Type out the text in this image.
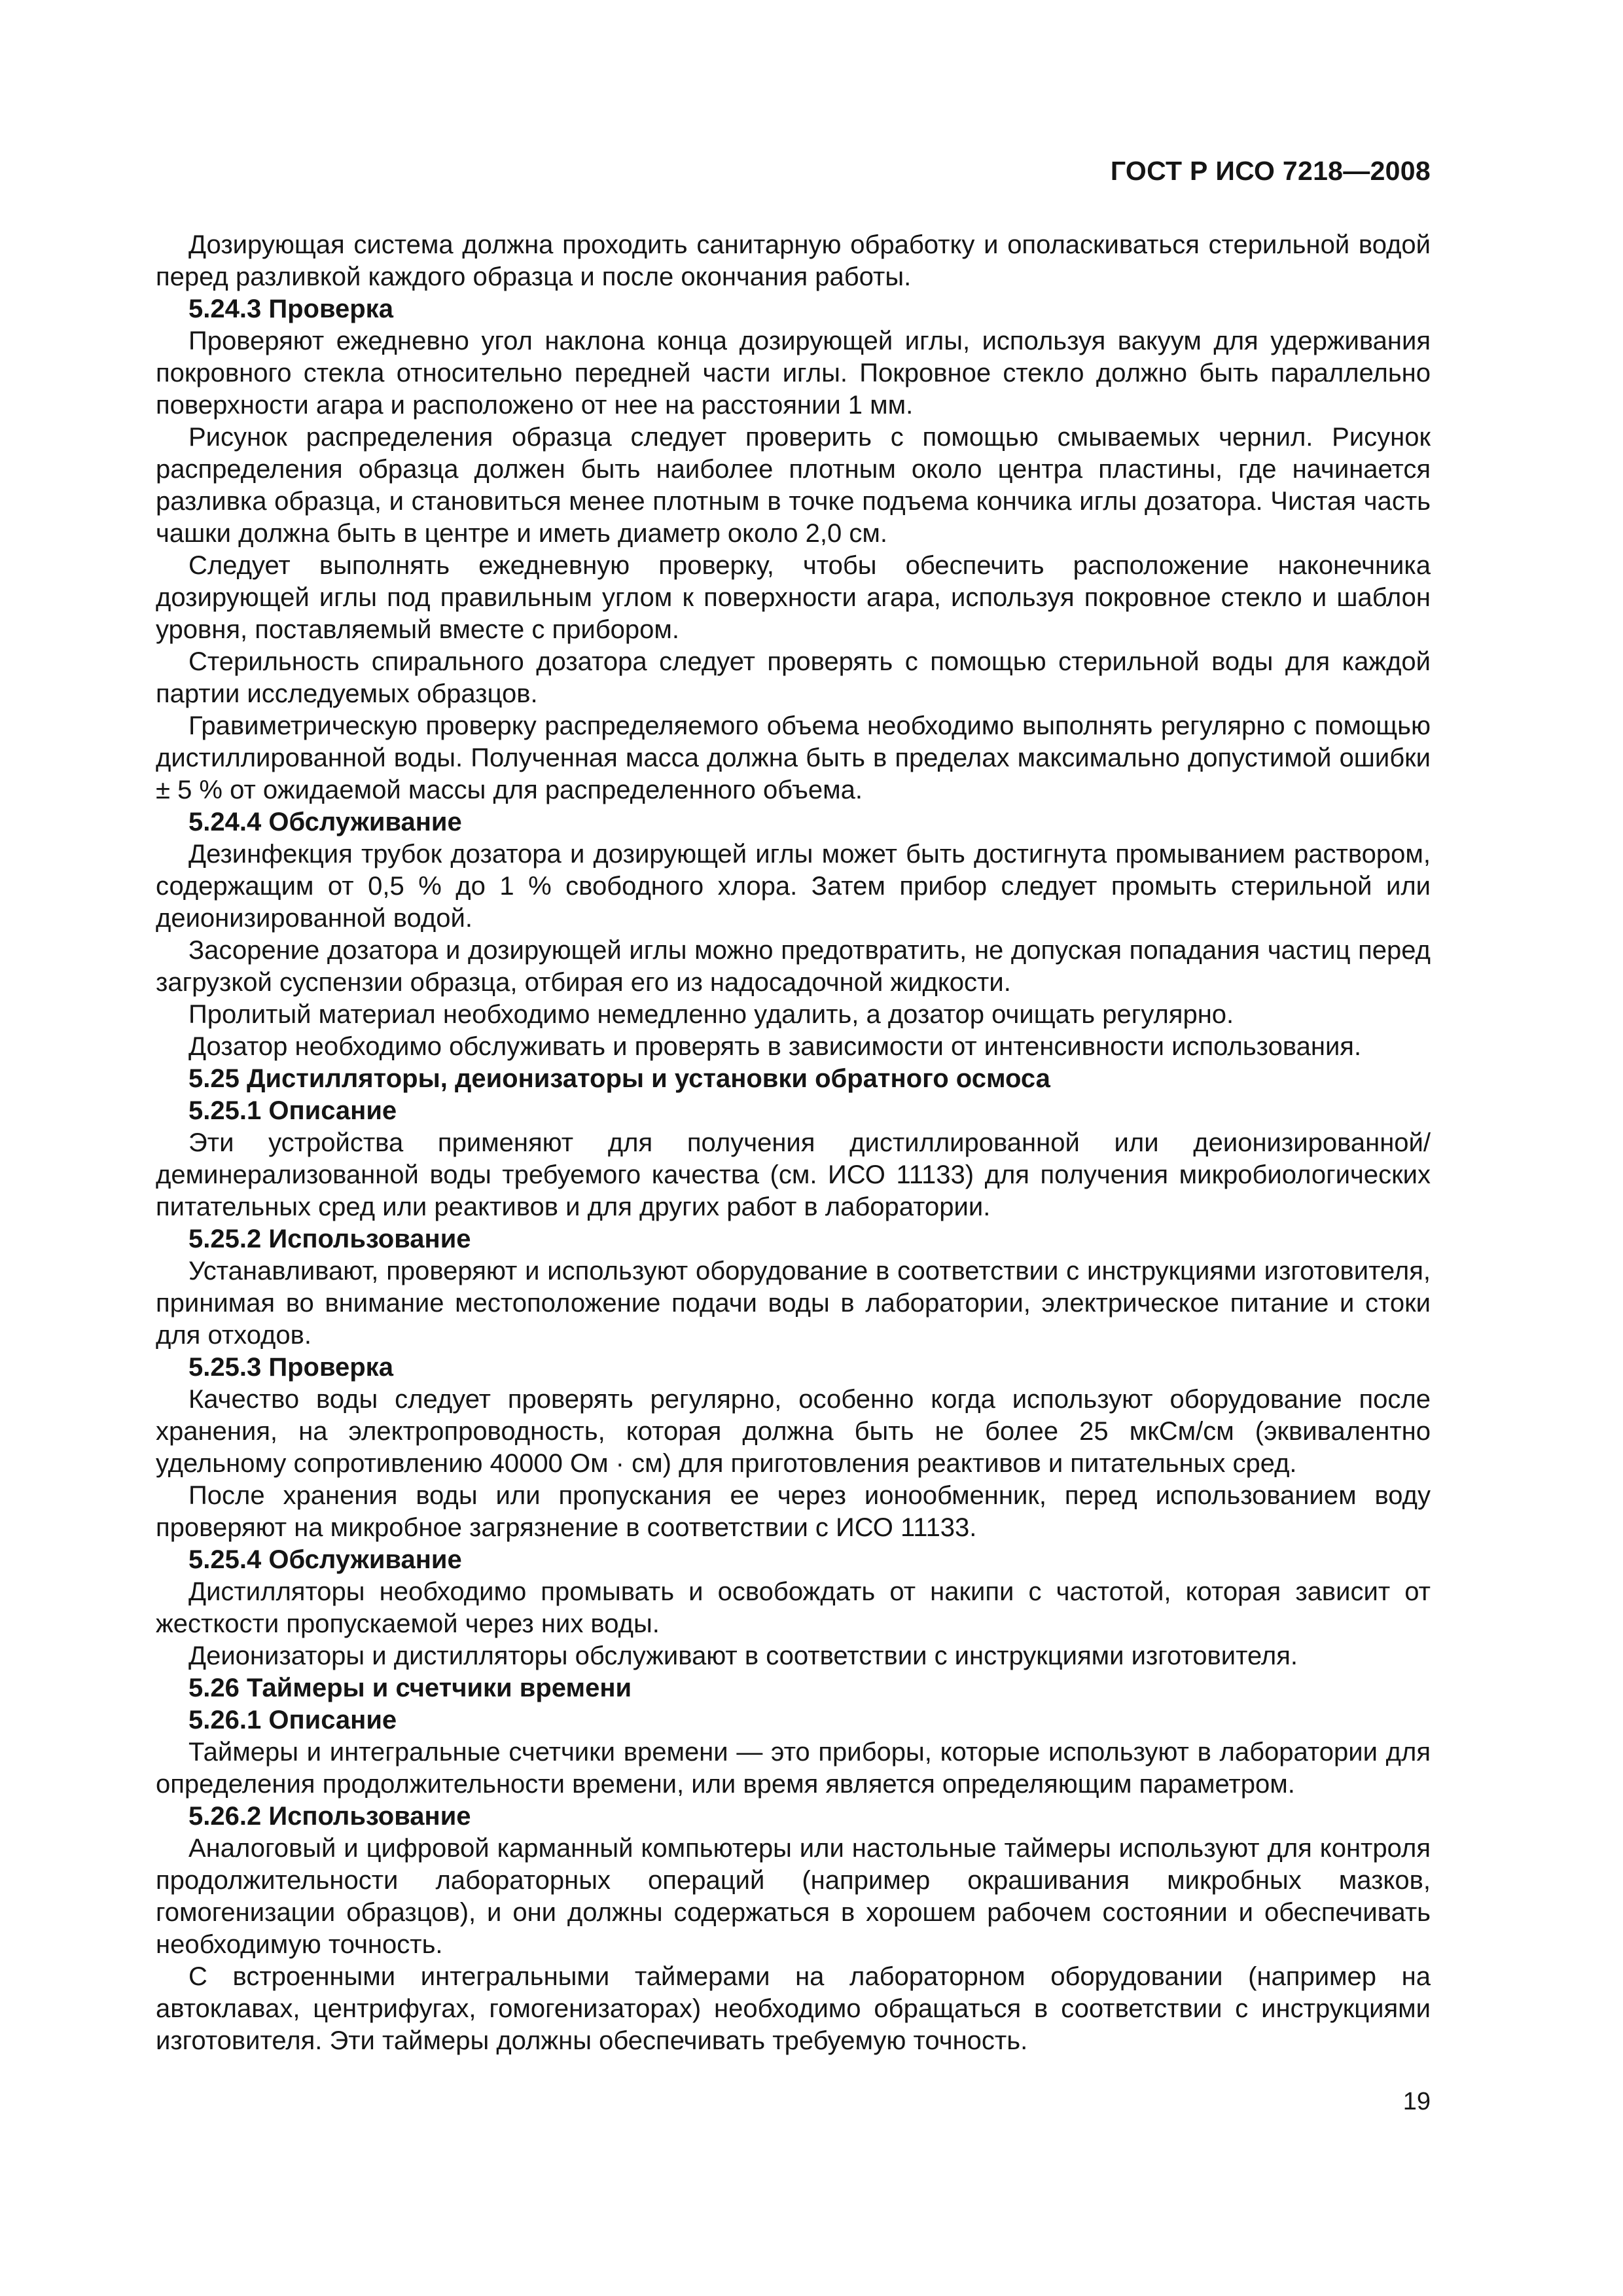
ГОСТ Р ИСО 7218—2008
Дозирующая система должна проходить санитарную обработку и ополаскиваться стерильной водой перед разливкой каждого образца и после окончания работы.
5.24.3 Проверка
Проверяют ежедневно угол наклона конца дозирующей иглы, используя вакуум для удерживания покровного стекла относительно передней части иглы. Покровное стекло должно быть параллельно поверхности агара и расположено от нее на расстоянии 1 мм.
Рисунок распределения образца следует проверить с помощью смываемых чернил. Рисунок распределения образца должен быть наиболее плотным около центра пластины, где начинается разливка образца, и становиться менее плотным в точке подъема кончика иглы дозатора. Чистая часть чашки должна быть в центре и иметь диаметр около 2,0 см.
Следует выполнять ежедневную проверку, чтобы обеспечить расположение наконечника дозирующей иглы под правильным углом к поверхности агара, используя покровное стекло и шаблон уровня, поставляемый вместе с прибором.
Стерильность спирального дозатора следует проверять с помощью стерильной воды для каждой партии исследуемых образцов.
Гравиметрическую проверку распределяемого объема необходимо выполнять регулярно с помощью дистиллированной воды. Полученная масса должна быть в пределах максимально допустимой ошибки ± 5 % от ожидаемой массы для распределенного объема.
5.24.4 Обслуживание
Дезинфекция трубок дозатора и дозирующей иглы может быть достигнута промыванием раствором, содержащим от 0,5 % до 1 % свободного хлора. Затем прибор следует промыть стерильной или деионизированной водой.
Засорение дозатора и дозирующей иглы можно предотвратить, не допуская попадания частиц перед загрузкой суспензии образца, отбирая его из надосадочной жидкости.
Пролитый материал необходимо немедленно удалить, а дозатор очищать регулярно.
Дозатор необходимо обслуживать и проверять в зависимости от интенсивности использования.
5.25 Дистилляторы, деионизаторы и установки обратного осмоса
5.25.1 Описание
Эти устройства применяют для получения дистиллированной или деионизированной/деминерализованной воды требуемого качества (см. ИСО 11133) для получения микробиологических питательных сред или реактивов и для других работ в лаборатории.
5.25.2 Использование
Устанавливают, проверяют и используют оборудование в соответствии с инструкциями изготовителя, принимая во внимание местоположение подачи воды в лаборатории, электрическое питание и стоки для отходов.
5.25.3 Проверка
Качество воды следует проверять регулярно, особенно когда используют оборудование после хранения, на электропроводность, которая должна быть не более 25 мкСм/см (эквивалентно удельному сопротивлению 40000 Ом · см) для приготовления реактивов и питательных сред.
После хранения воды или пропускания ее через ионообменник, перед использованием воду проверяют на микробное загрязнение в соответствии с ИСО 11133.
5.25.4 Обслуживание
Дистилляторы необходимо промывать и освобождать от накипи с частотой, которая зависит от жесткости пропускаемой через них воды.
Деионизаторы и дистилляторы обслуживают в соответствии с инструкциями изготовителя.
5.26 Таймеры и счетчики времени
5.26.1 Описание
Таймеры и интегральные счетчики времени — это приборы, которые используют в лаборатории для определения продолжительности времени, или время является определяющим параметром.
5.26.2 Использование
Аналоговый и цифровой карманный компьютеры или настольные таймеры используют для контроля продолжительности лабораторных операций (например окрашивания микробных мазков, гомогенизации образцов), и они должны содержаться в хорошем рабочем состоянии и обеспечивать необходимую точность.
С встроенными интегральными таймерами на лабораторном оборудовании (например на автоклавах, центрифугах, гомогенизаторах) необходимо обращаться в соответствии с инструкциями изготовителя. Эти таймеры должны обеспечивать требуемую точность.
19
